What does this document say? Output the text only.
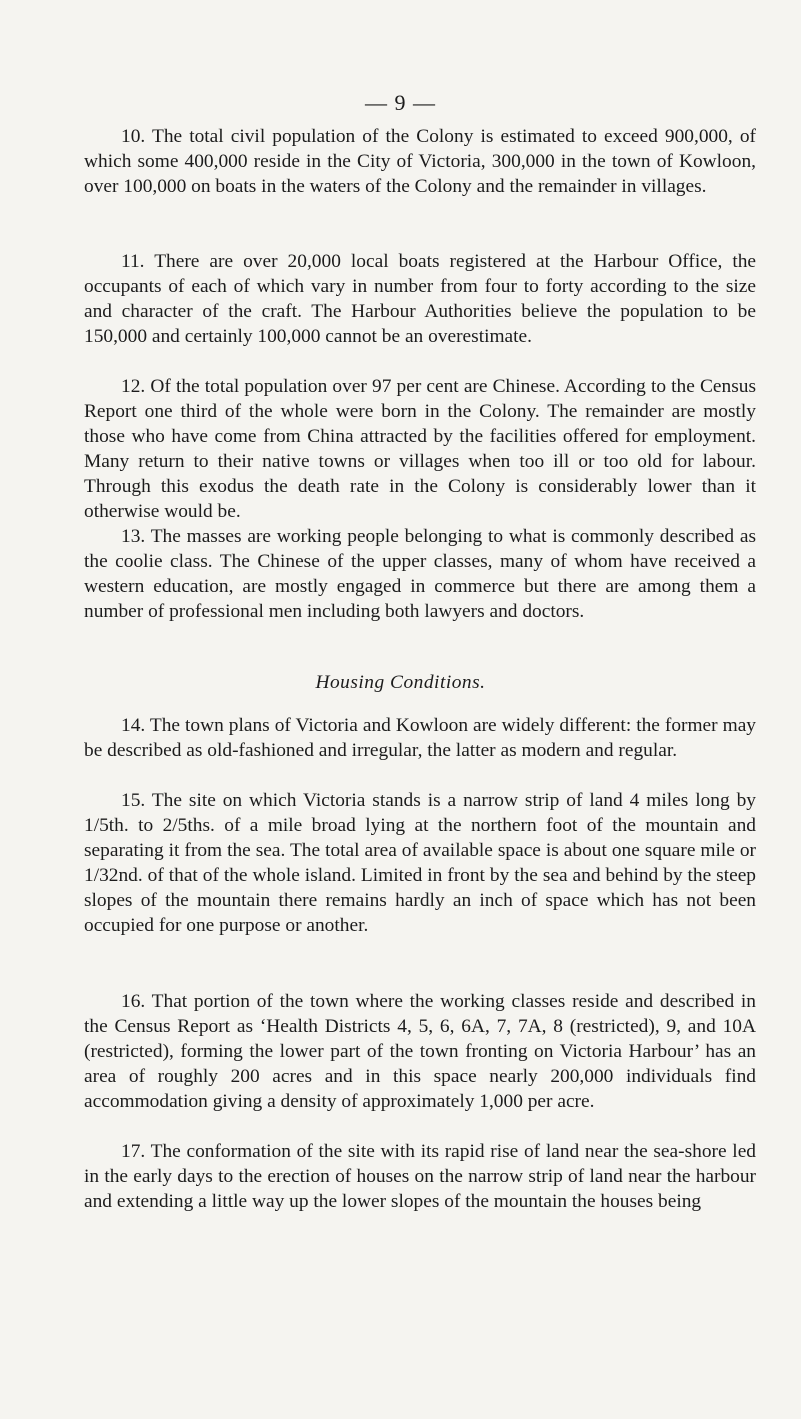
— 9 —

10. The total civil population of the Colony is estimated to exceed 900,000, of which some 400,000 reside in the City of Victoria, 300,000 in the town of Kowloon, over 100,000 on boats in the waters of the Colony and the remainder in villages.

11. There are over 20,000 local boats registered at the Harbour Office, the occupants of each of which vary in number from four to forty according to the size and character of the craft. The Harbour Authorities believe the population to be 150,000 and certainly 100,000 cannot be an overestimate.

12. Of the total population over 97 per cent are Chinese. According to the Census Report one third of the whole were born in the Colony. The remainder are mostly those who have come from China attracted by the facilities offered for employment. Many return to their native towns or villages when too ill or too old for labour. Through this exodus the death rate in the Colony is considerably lower than it otherwise would be.

13. The masses are working people belonging to what is commonly described as the coolie class. The Chinese of the upper classes, many of whom have received a western education, are mostly engaged in commerce but there are among them a number of professional men including both lawyers and doctors.

Housing Conditions.

14. The town plans of Victoria and Kowloon are widely different: the former may be described as old-fashioned and irregular, the latter as modern and regular.

15. The site on which Victoria stands is a narrow strip of land 4 miles long by 1/5th. to 2/5ths. of a mile broad lying at the northern foot of the mountain and separating it from the sea. The total area of available space is about one square mile or 1/32nd. of that of the whole island. Limited in front by the sea and behind by the steep slopes of the mountain there remains hardly an inch of space which has not been occupied for one purpose or another.

16. That portion of the town where the working classes reside and described in the Census Report as ‘Health Districts 4, 5, 6, 6A, 7, 7A, 8 (restricted), 9, and 10A (restricted), forming the lower part of the town fronting on Victoria Harbour’ has an area of roughly 200 acres and in this space nearly 200,000 individuals find accommodation giving a density of approximately 1,000 per acre.

17. The conformation of the site with its rapid rise of land near the sea-shore led in the early days to the erection of houses on the narrow strip of land near the harbour and extending a little way up the lower slopes of the mountain the houses being
